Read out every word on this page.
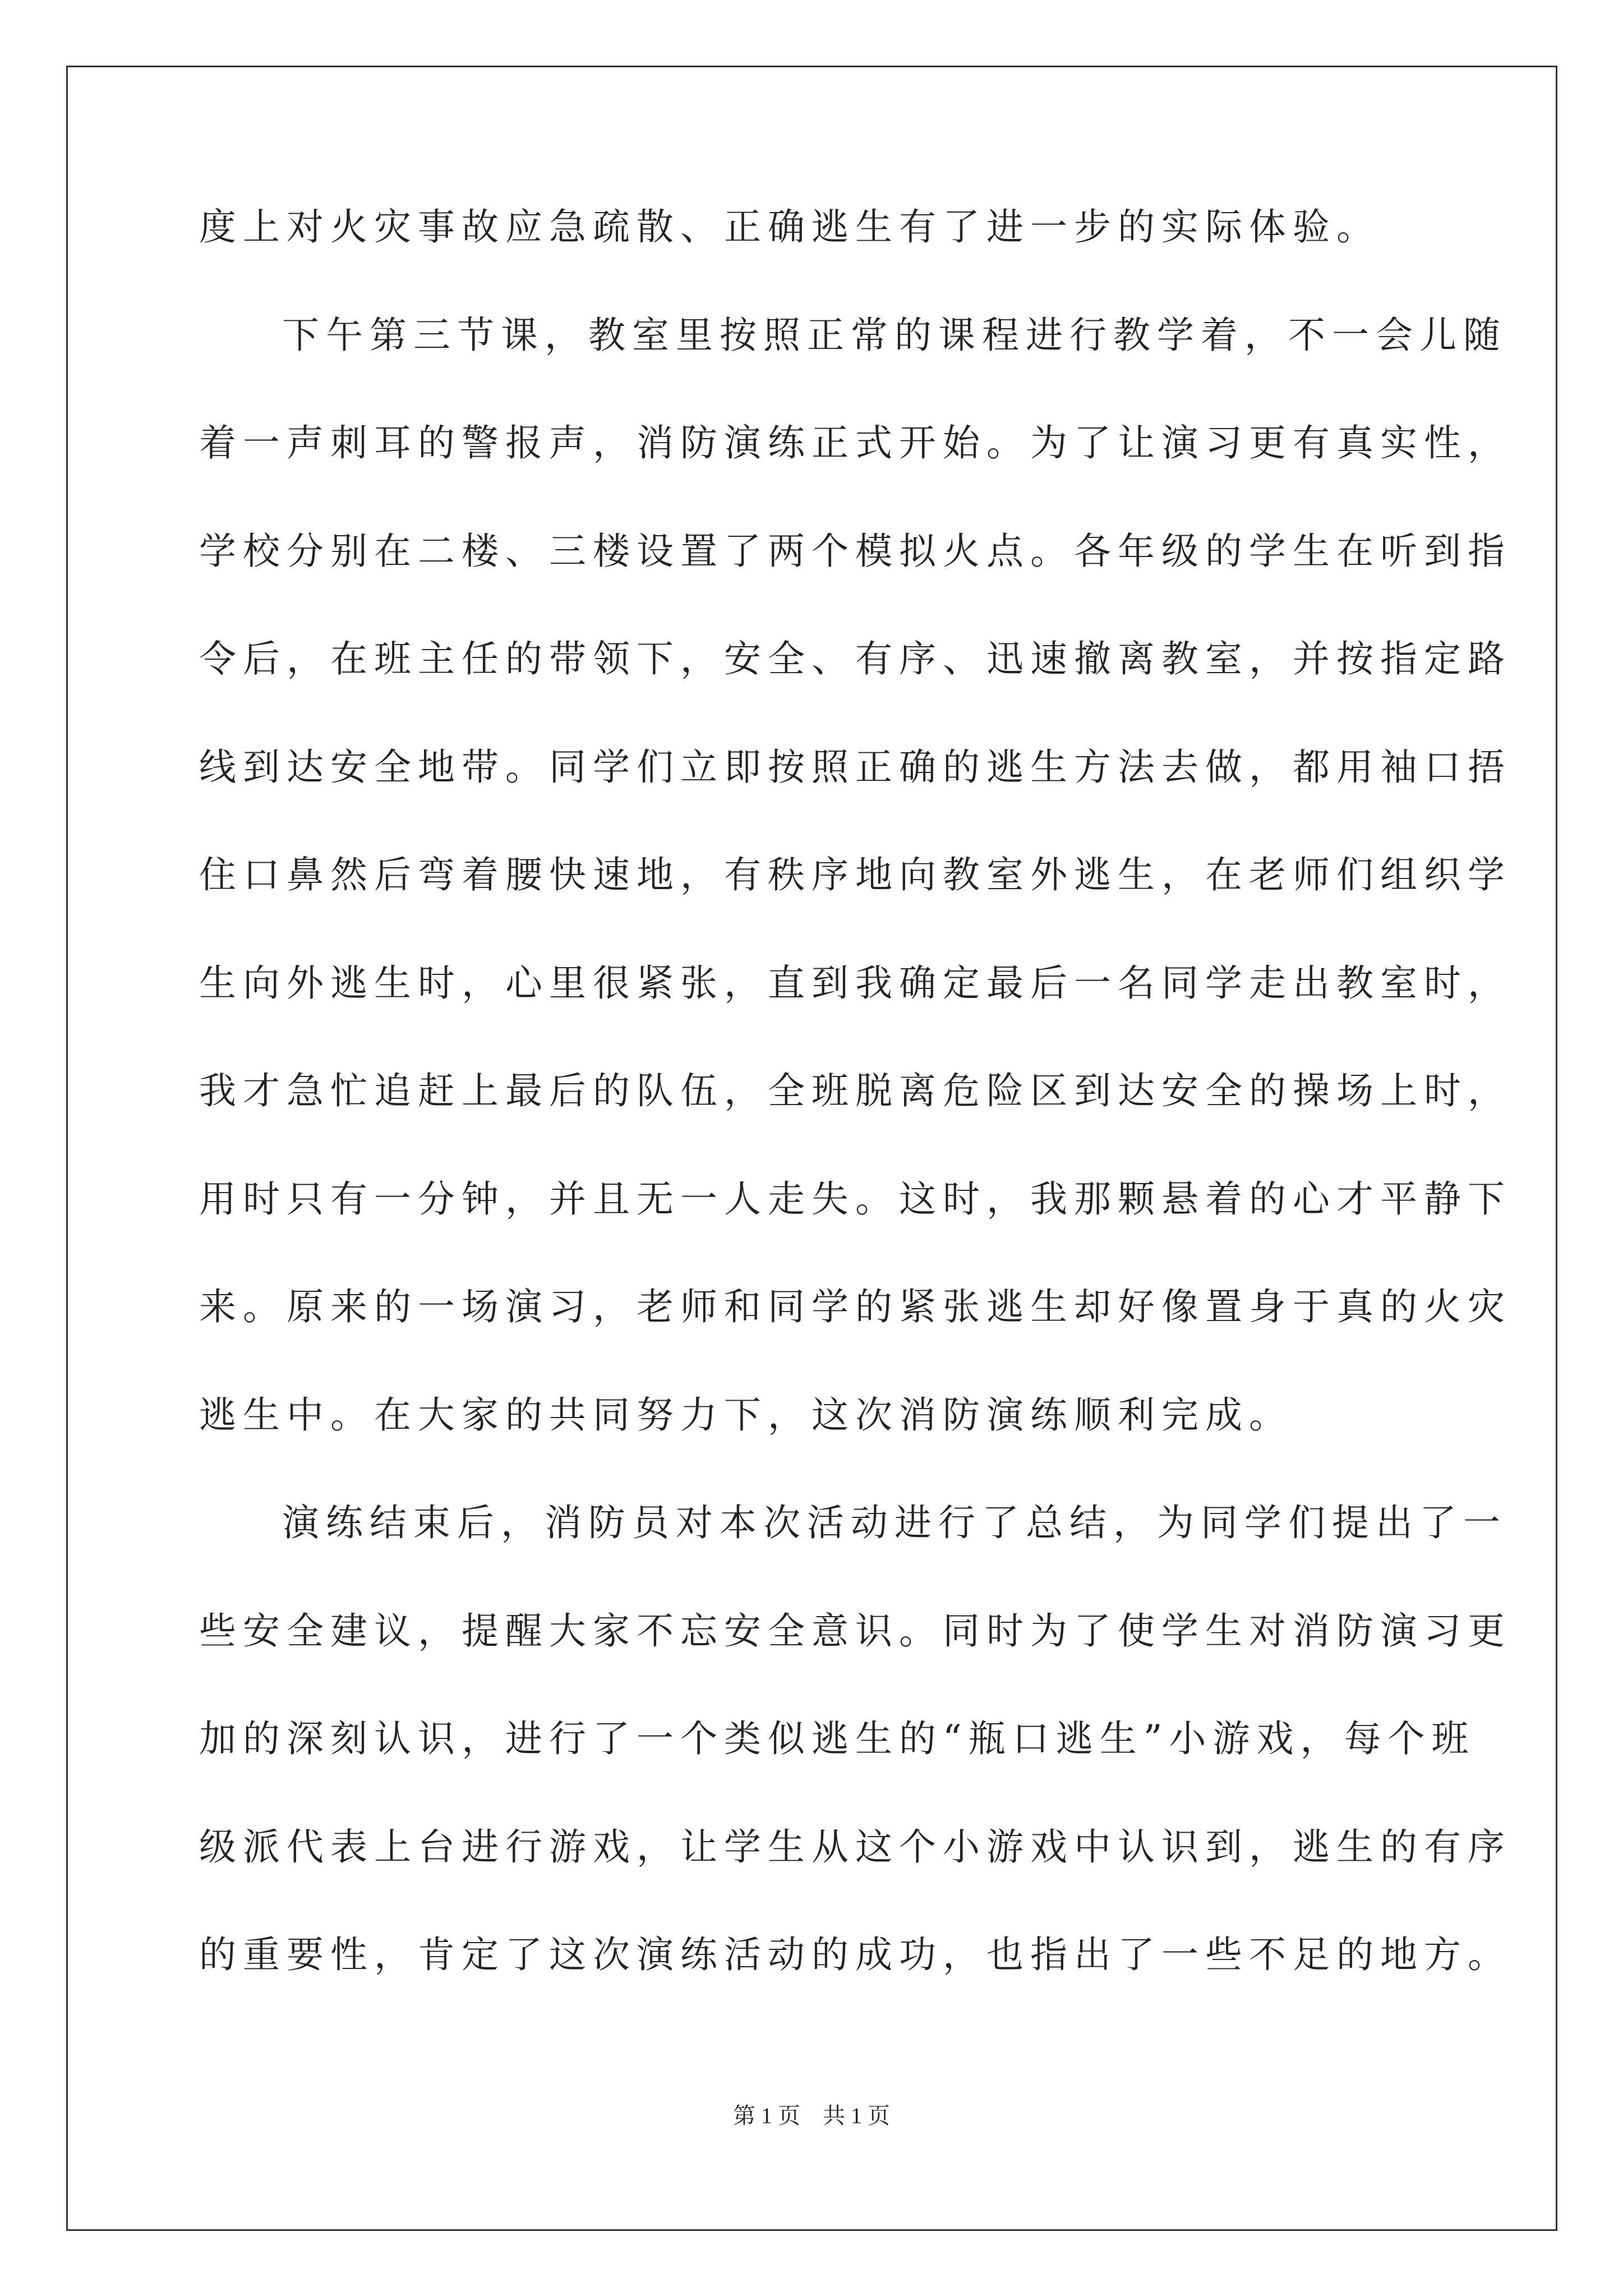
度上对火灾事故应急疏散、正确逃生有了进一步的实际体验。
下午第三节课，教室里按照正常的课程进行教学着，不一会儿随
着一声刺耳的警报声，消防演练正式开始。为了让演习更有真实性，
学校分别在二楼、三楼设置了两个模拟火点。各年级的学生在听到指
令后，在班主任的带领下，安全、有序、迅速撤离教室，并按指定路
线到达安全地带。同学们立即按照正确的逃生方法去做，都用袖口捂
住口鼻然后弯着腰快速地，有秩序地向教室外逃生，在老师们组织学
生向外逃生时，心里很紧张，直到我确定最后一名同学走出教室时，
我才急忙追赶上最后的队伍，全班脱离危险区到达安全的操场上时，
用时只有一分钟，并且无一人走失。这时，我那颗悬着的心才平静下
来。原来的一场演习，老师和同学的紧张逃生却好像置身于真的火灾
逃生中。在大家的共同努力下，这次消防演练顺利完成。
演练结束后，消防员对本次活动进行了总结，为同学们提出了一
些安全建议，提醒大家不忘安全意识。同时为了使学生对消防演习更
加的深刻认识，进行了一个类似逃生的“瓶口逃生”小游戏，每个班
级派代表上台进行游戏，让学生从这个小游戏中认识到，逃生的有序
的重要性，肯定了这次演练活动的成功，也指出了一些不足的地方。
第 1 页    共 1 页
